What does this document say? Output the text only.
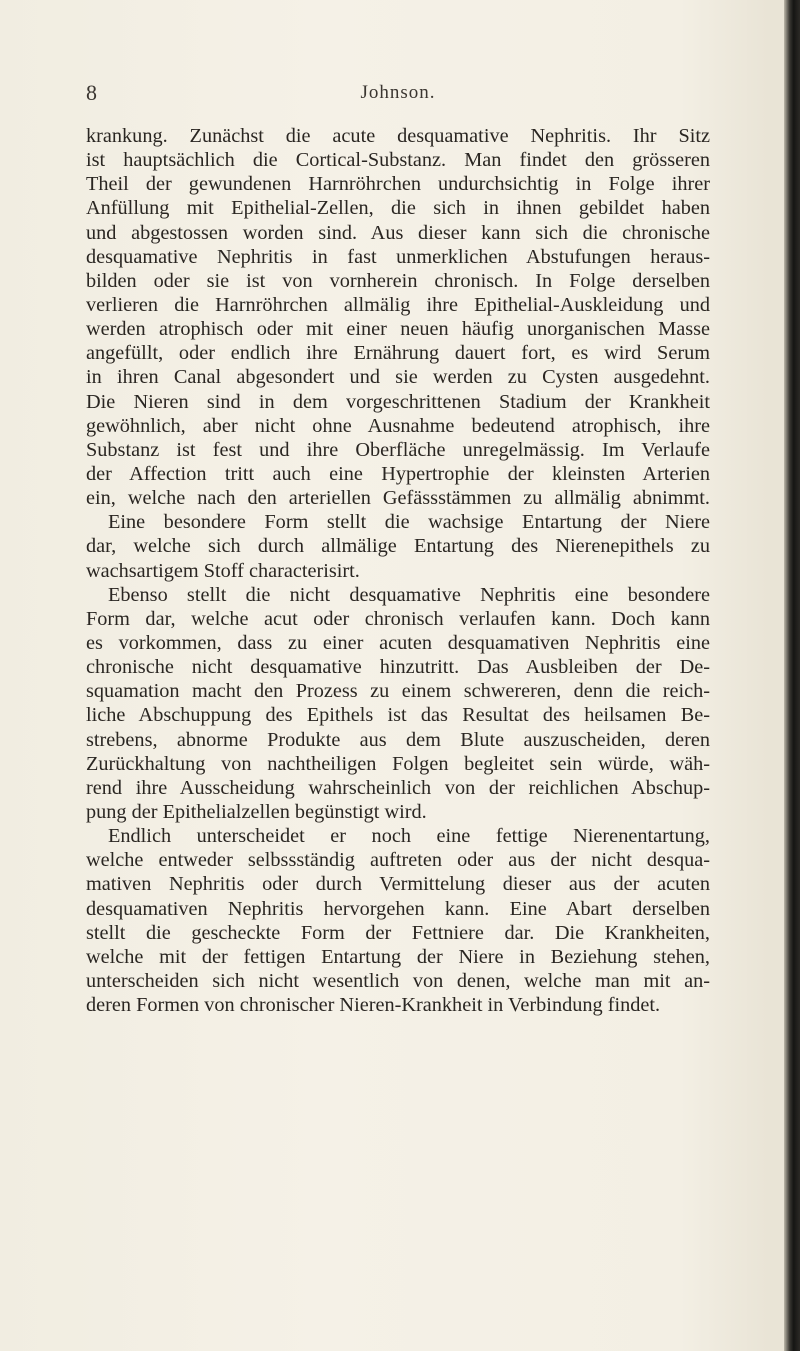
8	Johnson.
krankung. Zunächst die acute desquamative Nephritis. Ihr Sitz
ist hauptsächlich die Cortical-Substanz. Man findet den grösseren
Theil der gewundenen Harnröhrchen undurchsichtig in Folge ihrer
Anfüllung mit Epithelial-Zellen, die sich in ihnen gebildet haben
und abgestossen worden sind. Aus dieser kann sich die chronische
desquamative Nephritis in fast unmerklichen Abstufungen heraus-
bilden oder sie ist von vornherein chronisch. In Folge derselben
verlieren die Harnröhrchen allmälig ihre Epithelial-Auskleidung und
werden atrophisch oder mit einer neuen häufig unorganischen Masse
angefüllt, oder endlich ihre Ernährung dauert fort, es wird Serum
in ihren Canal abgesondert und sie werden zu Cysten ausgedehnt.
Die Nieren sind in dem vorgeschrittenen Stadium der Krankheit
gewöhnlich, aber nicht ohne Ausnahme bedeutend atrophisch, ihre
Substanz ist fest und ihre Oberfläche unregelmässig. Im Verlaufe
der Affection tritt auch eine Hypertrophie der kleinsten Arterien
ein, welche nach den arteriellen Gefässstämmen zu allmälig abnimmt.
Eine besondere Form stellt die wachsige Entartung der Niere
dar, welche sich durch allmälige Entartung des Nierenepithels zu
wachsartigem Stoff characterisirt.
Ebenso stellt die nicht desquamative Nephritis eine besondere
Form dar, welche acut oder chronisch verlaufen kann. Doch kann
es vorkommen, dass zu einer acuten desquamativen Nephritis eine
chronische nicht desquamative hinzutritt. Das Ausbleiben der De-
squamation macht den Prozess zu einem schwereren, denn die reich-
liche Abschuppung des Epithels ist das Resultat des heilsamen Be-
strebens, abnorme Produkte aus dem Blute auszuscheiden, deren
Zurückhaltung von nachtheiligen Folgen begleitet sein würde, wäh-
rend ihre Ausscheidung wahrscheinlich von der reichlichen Abschup-
pung der Epithelialzellen begünstigt wird.
Endlich unterscheidet er noch eine fettige Nierenentartung,
welche entweder selbssständig auftreten oder aus der nicht desqua-
mativen Nephritis oder durch Vermittelung dieser aus der acuten
desquamativen Nephritis hervorgehen kann. Eine Abart derselben
stellt die gescheckte Form der Fettniere dar. Die Krankheiten,
welche mit der fettigen Entartung der Niere in Beziehung stehen,
unterscheiden sich nicht wesentlich von denen, welche man mit an-
deren Formen von chronischer Nieren-Krankheit in Verbindung findet.
